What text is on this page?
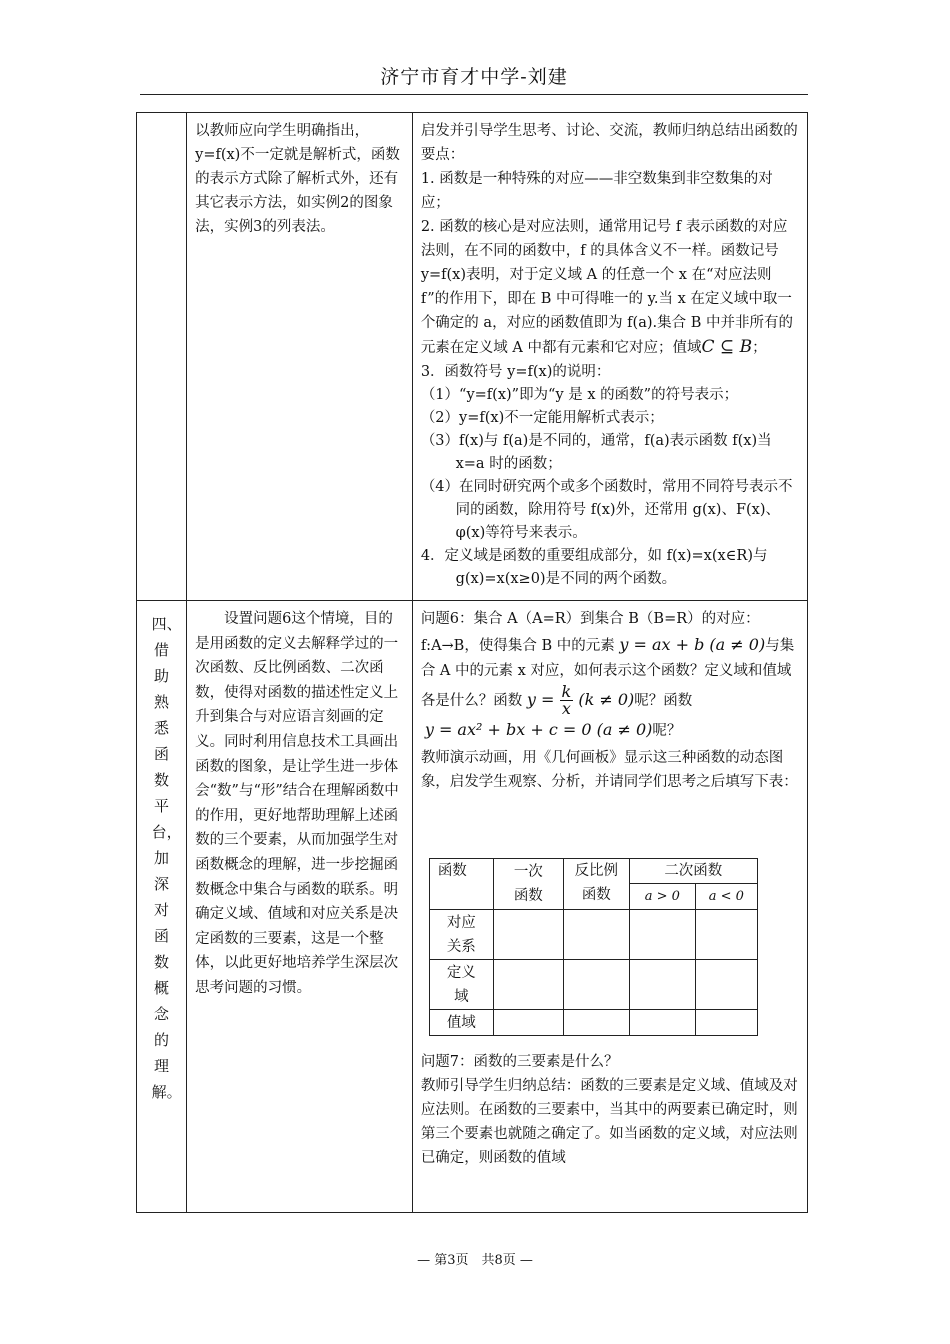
济宁市育才中学-刘建

以教师应向学生明确指出，y=f(x)不一定就是解析式，函数的表示方式除了解析式外，还有其它表示方法，如实例2的图象法，实例3的列表法。

启发并引导学生思考、讨论、交流，教师归纳总结出函数的要点：

1. 函数是一种特殊的对应——非空数集到非空数集的对应；

2. 函数的核心是对应法则，通常用记号 f 表示函数的对应法则，在不同的函数中，f 的具体含义不一样。函数记号 y=f(x)表明，对于定义域 A 的任意一个 x 在“对应法则 f”的作用下，即在 B 中可得唯一的 y.当 x 在定义域中取一个确定的 a，对应的函数值即为 f(a).集合 B 中并非所有的元素在定义域 A 中都有元素和它对应；值域C ⊆ B；

3．函数符号 y=f(x)的说明：

（1）“y=f(x)”即为“y 是 x 的函数”的符号表示；

（2）y=f(x)不一定能用解析式表示；

（3）f(x)与 f(a)是不同的，通常，f(a)表示函数 f(x)当 x=a 时的函数；

（4）在同时研究两个或多个函数时，常用不同符号表示不同的函数，除用符号 f(x)外，还常用 g(x)、F(x)、φ(x)等符号来表示。

4．定义域是函数的重要组成部分，如 f(x)=x(x∈R)与 g(x)=x(x≥0)是不同的两个函数。

四、借助熟悉函数平台，加深对函数概念的理解。

设置问题6这个情境，目的是用函数的定义去解释学过的一次函数、反比例函数、二次函数，使得对函数的描述性定义上升到集合与对应语言刻画的定义。同时利用信息技术工具画出函数的图象，是让学生进一步体会“数”与“形”结合在理解函数中的作用，更好地帮助理解上述函数的三个要素，从而加强学生对函数概念的理解，进一步挖掘函数概念中集合与函数的联系。明确定义域、值域和对应关系是决定函数的三要素，这是一个整体，以此更好地培养学生深层次思考问题的习惯。

问题6：集合 A（A=R）到集合 B（B=R）的对应：f:A→B，使得集合 B 中的元素 y = ax + b (a ≠ 0)与集合 A 中的元素 x 对应，如何表示这个函数？定义域和值域各是什么？函数 $y = \frac{k}{x} (k \ne 0)$呢？函数
y = ax² + bx + c = 0 (a ≠ 0)呢？

教师演示动画，用《几何画板》显示这三种函数的动态图象，启发学生观察、分析，并请同学们思考之后填写下表：

函数	一次函数	反比例函数	二次函数
a > 0	a < 0
对应关系				
定义域				
值域				

问题7：函数的三要素是什么？

教师引导学生归纳总结：函数的三要素是定义域、值域及对应法则。在函数的三要素中，当其中的两要素已确定时，则第三个要素也就随之确定了。如当函数的定义域，对应法则已确定，则函数的值域

— 第3页　共8页 —
